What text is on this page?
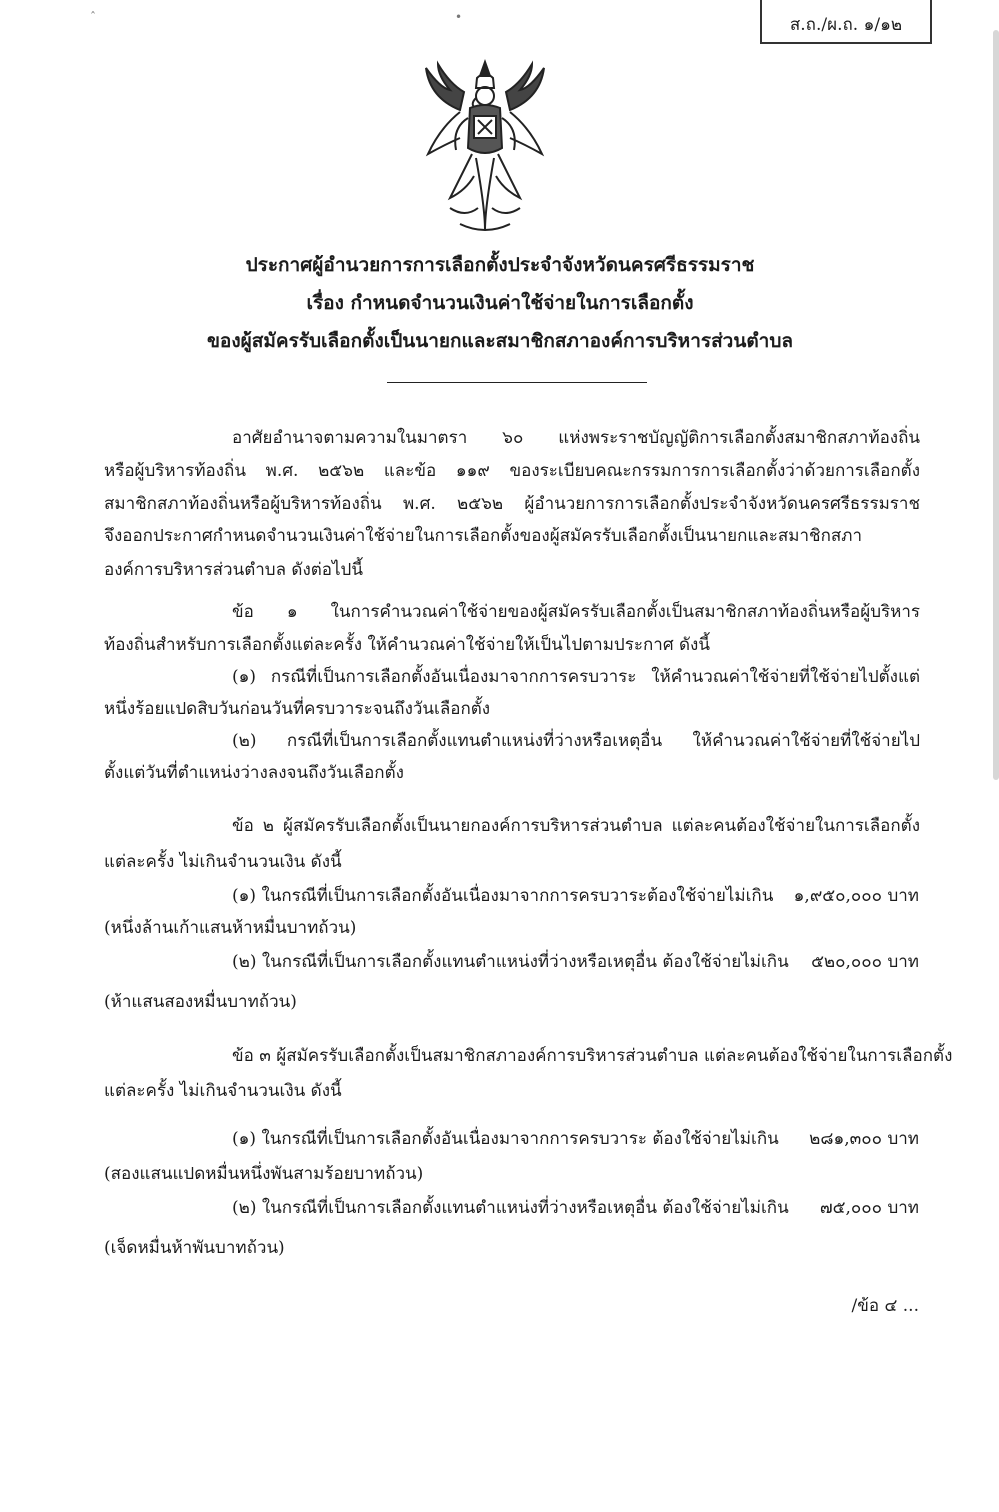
ส.ถ./ผ.ถ. ๑/๑๒
ˆ	•
ประกาศผู้อำนวยการการเลือกตั้งประจำจังหวัดนครศรีธรรมราช
เรื่อง กำหนดจำนวนเงินค่าใช้จ่ายในการเลือกตั้ง
ของผู้สมัครรับเลือกตั้งเป็นนายกและสมาชิกสภาองค์การบริหารส่วนตำบล
อาศัยอำนาจตามความในมาตรา ๖๐ แห่งพระราชบัญญัติการเลือกตั้งสมาชิกสภาท้องถิ่น
หรือผู้บริหารท้องถิ่น พ.ศ. ๒๕๖๒ และข้อ ๑๑๙ ของระเบียบคณะกรรมการการเลือกตั้งว่าด้วยการเลือกตั้ง
สมาชิกสภาท้องถิ่นหรือผู้บริหารท้องถิ่น พ.ศ. ๒๕๖๒ ผู้อำนวยการการเลือกตั้งประจำจังหวัดนครศรีธรรมราช
จึงออกประกาศกำหนดจำนวนเงินค่าใช้จ่ายในการเลือกตั้งของผู้สมัครรับเลือกตั้งเป็นนายกและสมาชิกสภา
องค์การบริหารส่วนตำบล ดังต่อไปนี้
ข้อ ๑ ในการคำนวณค่าใช้จ่ายของผู้สมัครรับเลือกตั้งเป็นสมาชิกสภาท้องถิ่นหรือผู้บริหาร
ท้องถิ่นสำหรับการเลือกตั้งแต่ละครั้ง ให้คำนวณค่าใช้จ่ายให้เป็นไปตามประกาศ ดังนี้
(๑) กรณีที่เป็นการเลือกตั้งอันเนื่องมาจากการครบวาระ ให้คำนวณค่าใช้จ่ายที่ใช้จ่ายไปตั้งแต่
หนึ่งร้อยแปดสิบวันก่อนวันที่ครบวาระจนถึงวันเลือกตั้ง
(๒) กรณีที่เป็นการเลือกตั้งแทนตำแหน่งที่ว่างหรือเหตุอื่น ให้คำนวณค่าใช้จ่ายที่ใช้จ่ายไป
ตั้งแต่วันที่ตำแหน่งว่างลงจนถึงวันเลือกตั้ง
ข้อ ๒ ผู้สมัครรับเลือกตั้งเป็นนายกองค์การบริหารส่วนตำบล แต่ละคนต้องใช้จ่ายในการเลือกตั้ง
แต่ละครั้ง ไม่เกินจำนวนเงิน ดังนี้
(๑) ในกรณีที่เป็นการเลือกตั้งอันเนื่องมาจากการครบวาระต้องใช้จ่ายไม่เกิน ๑,๙๕๐,๐๐๐ บาท
(หนึ่งล้านเก้าแสนห้าหมื่นบาทถ้วน)
(๒) ในกรณีที่เป็นการเลือกตั้งแทนตำแหน่งที่ว่างหรือเหตุอื่น ต้องใช้จ่ายไม่เกิน ๕๒๐,๐๐๐ บาท
(ห้าแสนสองหมื่นบาทถ้วน)
ข้อ ๓ ผู้สมัครรับเลือกตั้งเป็นสมาชิกสภาองค์การบริหารส่วนตำบล แต่ละคนต้องใช้จ่ายในการเลือกตั้ง
แต่ละครั้ง ไม่เกินจำนวนเงิน ดังนี้
(๑) ในกรณีที่เป็นการเลือกตั้งอันเนื่องมาจากการครบวาระ ต้องใช้จ่ายไม่เกิน ๒๘๑,๓๐๐ บาท
(สองแสนแปดหมื่นหนึ่งพันสามร้อยบาทถ้วน)
(๒) ในกรณีที่เป็นการเลือกตั้งแทนตำแหน่งที่ว่างหรือเหตุอื่น ต้องใช้จ่ายไม่เกิน ๗๕,๐๐๐ บาท
(เจ็ดหมื่นห้าพันบาทถ้วน)
/ข้อ ๔ ...
